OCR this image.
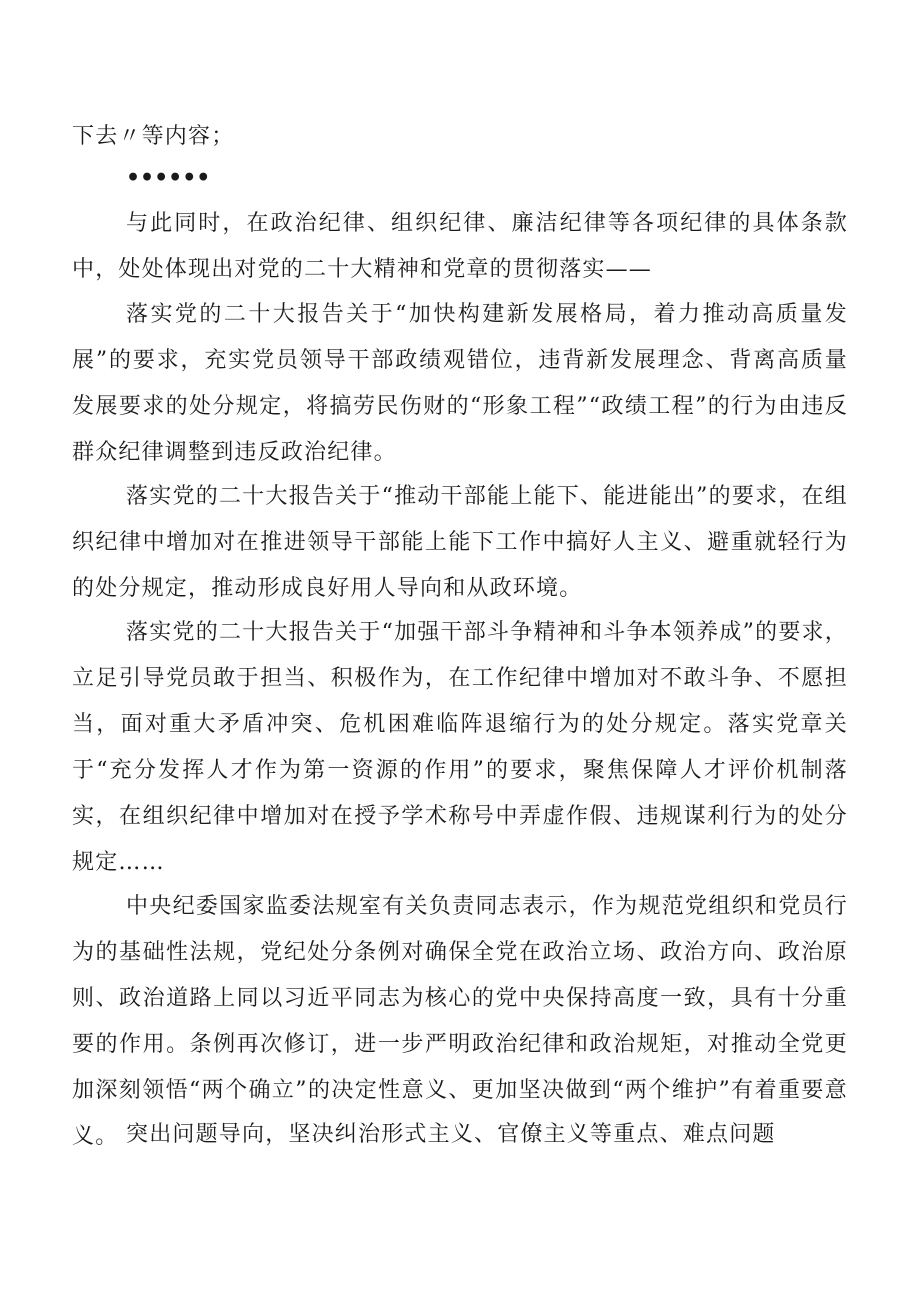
下去〃等内容；

••••••

与此同时，在政治纪律、组织纪律、廉洁纪律等各项纪律的具体条款中，处处体现出对党的二十大精神和党章的贯彻落实——

落实党的二十大报告关于“加快构建新发展格局，着力推动高质量发展”的要求，充实党员领导干部政绩观错位，违背新发展理念、背离高质量发展要求的处分规定，将搞劳民伤财的“形象工程”“政绩工程”的行为由违反群众纪律调整到违反政治纪律。

落实党的二十大报告关于“推动干部能上能下、能进能出”的要求，在组织纪律中增加对在推进领导干部能上能下工作中搞好人主义、避重就轻行为的处分规定，推动形成良好用人导向和从政环境。

落实党的二十大报告关于“加强干部斗争精神和斗争本领养成”的要求，立足引导党员敢于担当、积极作为，在工作纪律中增加对不敢斗争、不愿担当，面对重大矛盾冲突、危机困难临阵退缩行为的处分规定。落实党章关于“充分发挥人才作为第一资源的作用”的要求，聚焦保障人才评价机制落实，在组织纪律中增加对在授予学术称号中弄虚作假、违规谋利行为的处分规定……

中央纪委国家监委法规室有关负责同志表示，作为规范党组织和党员行为的基础性法规，党纪处分条例对确保全党在政治立场、政治方向、政治原则、政治道路上同以习近平同志为核心的党中央保持高度一致，具有十分重要的作用。条例再次修订，进一步严明政治纪律和政治规矩，对推动全党更加深刻领悟“两个确立”的决定性意义、更加坚决做到“两个维护”有着重要意义。 突出问题导向，坚决纠治形式主义、官僚主义等重点、难点问题
